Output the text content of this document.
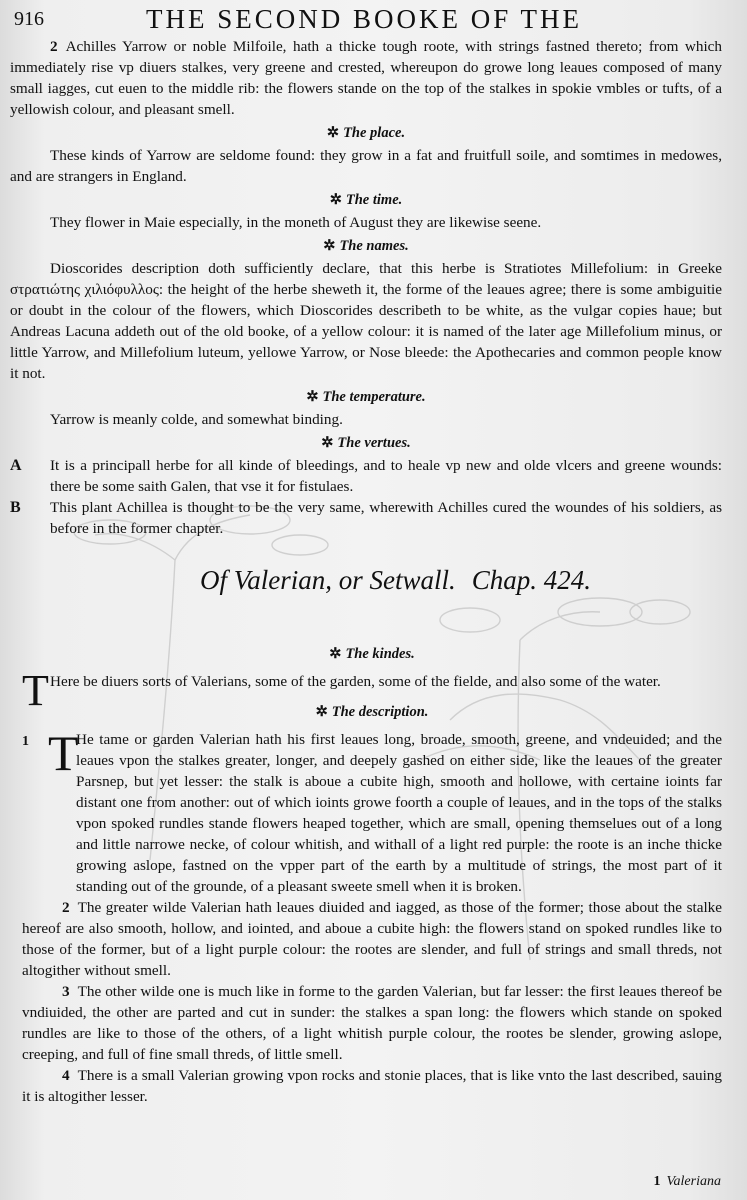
916	THE SECOND BOOKE OF THE

2 Achilles Yarrow or noble Milfoile, hath a thicke tough roote, with strings fastned thereto; from which immediately rise vp diuers stalkes, very greene and crested, whereupon do growe long leaues composed of many small iagges, cut euen to the middle rib: the flowers stande on the top of the stalkes in spokie vmbles or tufts, of a yellowish colour, and pleasant smell.

✲ The place.

These kinds of Yarrow are seldome found: they grow in a fat and fruitfull soile, and somtimes in medowes, and are strangers in England.

✲ The time.

They flower in Maie especially, in the moneth of August they are likewise seene.

✲ The names.

Dioscorides description doth sufficiently declare, that this herbe is Stratiotes Millefolium: in Greeke στρατιώτης χιλιόφυλλος: the height of the herbe sheweth it, the forme of the leaues agree; there is some ambiguitie or doubt in the colour of the flowers, which Dioscorides describeth to be white, as the vulgar copies haue; but Andreas Lacuna addeth out of the old booke, of a yellow colour: it is named of the later age Millefolium minus, or little Yarrow, and Millefolium luteum, yellowe Yarrow, or Nose bleede: the Apothecaries and common people know it not.

✲ The temperature.

Yarrow is meanly colde, and somewhat binding.

✲ The vertues.

A It is a principall herbe for all kinde of bleedings, and to heale vp new and olde vlcers and greene wounds: there be some saith Galen, that vse it for fistulaes.

B This plant Achillea is thought to be the very same, wherewith Achilles cured the woundes of his soldiers, as before in the former chapter.

Of Valerian, or Setwall. Chap. 424.
✲ The kindes.

T Here be diuers sorts of Valerians, some of the garden, some of the fielde, and also some of the water.

✲ The description.

1 T
He tame or garden Valerian hath his first leaues long, broade, smooth, greene, and vndeuided; and the leaues vpon the stalkes greater, longer, and deepely gashed on either side, like the leaues of the greater Parsnep, but yet lesser: the stalk is aboue a cubite high, smooth and hollowe, with certaine ioints far distant one from another: out of which ioints growe foorth a couple of leaues, and in the tops of the stalks vpon spoked rundles stande flowers heaped together, which are small, opening themselues out of a long and little narrowe necke, of colour whitish, and withall of a light red purple: the roote is an inche thicke growing aslope, fastned on the vpper part of the earth by a multitude of strings, the most part of it standing out of the grounde, of a pleasant sweete smell when it is broken.

2 The greater wilde Valerian hath leaues diuided and iagged, as those of the former; those about the stalke hereof are also smooth, hollow, and iointed, and aboue a cubite high: the flowers stand on spoked rundles like to those of the former, but of a light purple colour: the rootes are slender, and full of strings and small threds, not altogither without smell.

3 The other wilde one is much like in forme to the garden Valerian, but far lesser: the first leaues thereof be vndiuided, the other are parted and cut in sunder: the stalkes a span long: the flowers which stande on spoked rundles are like to those of the others, of a light whitish purple colour, the rootes be slender, growing aslope, creeping, and full of fine small threds, of little smell.

4 There is a small Valerian growing vpon rocks and stonie places, that is like vnto the last described, sauing it is altogither lesser.

1 Valeriana
